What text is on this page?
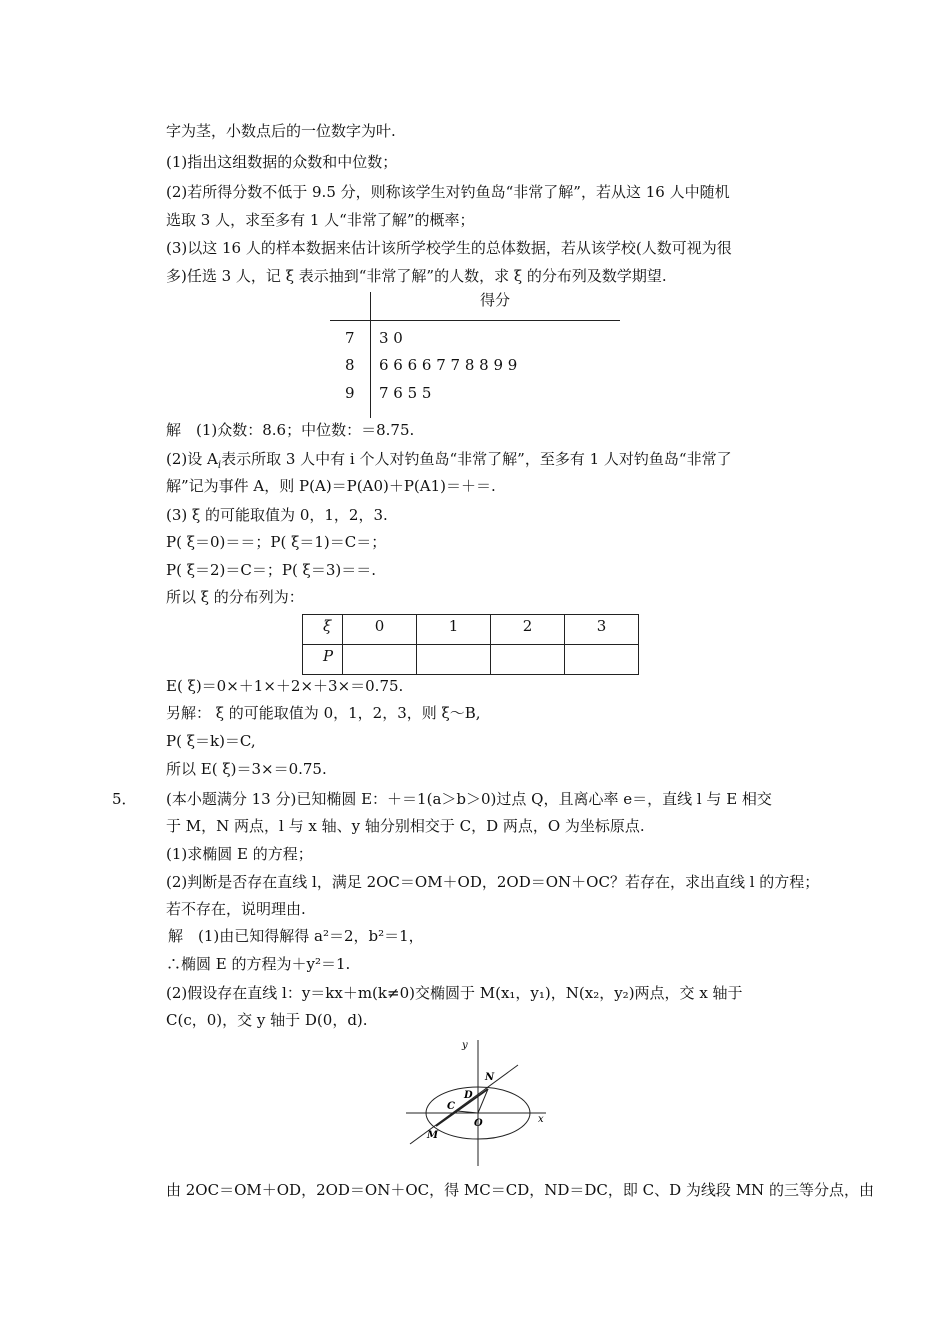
字为茎，小数点后的一位数字为叶.
(1)指出这组数据的众数和中位数；
(2)若所得分数不低于 9.5 分，则称该学生对钓鱼岛“非常了解”，若从这 16 人中随机
选取 3 人，求至多有 1 人“非常了解”的概率；
(3)以这 16 人的样本数据来估计该所学校学生的总体数据，若从该学校(人数可视为很
多)任选 3 人，记 ξ 表示抽到“非常了解”的人数，求 ξ 的分布列及数学期望.
得分
7 3 0
8 6 6 6 6 7 7 8 8 9 9
9 7 6 5 5
解　(1)众数：8.6；中位数：＝8.75.
(2)设 $A_i$表示所取 3 人中有 i 个人对钓鱼岛“非常了解”，至多有 1 人对钓鱼岛“非常了
解”记为事件 A，则 P(A)＝P(A0)＋P(A1)＝＋＝.
(3) ξ 的可能取值为 0，1，2，3.
P( ξ＝0)＝＝；P( ξ＝1)＝C＝；
P( ξ＝2)＝C＝；P( ξ＝3)＝＝.
所以 ξ 的分布列为：
ξ	0	1	2	3
P				
E( ξ)＝0×＋1×＋2×＋3×＝0.75.
另解： ξ 的可能取值为 0，1，2，3，则 ξ～B,
P( ξ＝k)＝C,
所以 E( ξ)＝3×＝0.75.
5． (本小题满分 13 分)已知椭圆 E：＋＝1(a＞b＞0)过点 Q，且离心率 e＝，直线 l 与 E 相交
于 M，N 两点，l 与 x 轴、y 轴分别相交于 C，D 两点，O 为坐标原点.
(1)求椭圆 E 的方程；
(2)判断是否存在直线 l，满足 2OC＝OM＋OD，2OD＝ON＋OC？若存在，求出直线 l 的方程；
若不存在，说明理由.
解　(1)由已知得解得 a²＝2，b²＝1，
∴椭圆 E 的方程为＋y²＝1.
(2)假设存在直线 l：y＝kx＋m(k≠0)交椭圆于 M(x₁，y₁)，N(x₂，y₂)两点，交 x 轴于
C(c，0)，交 y 轴于 D(0，d).
y
x
N
D
C
O
M
由 2OC＝OM＋OD，2OD＝ON＋OC，得 MC＝CD，ND＝DC，即 C、D 为线段 MN 的三等分点，由
